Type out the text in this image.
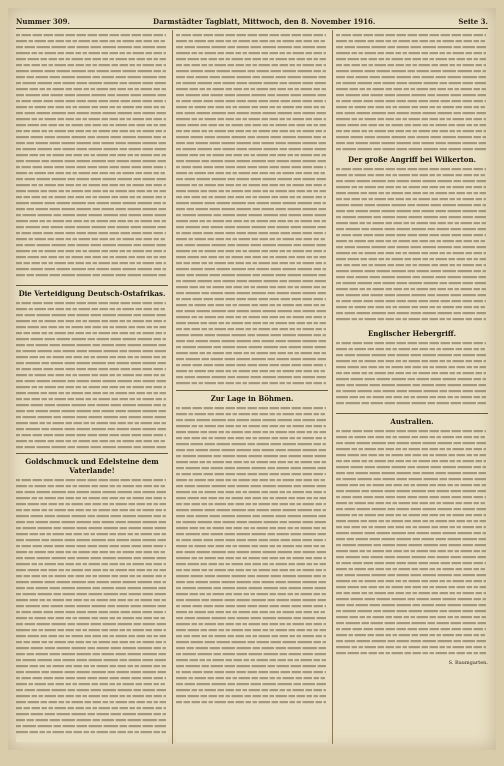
Nummer 309.	Darmstädter Tagblatt, Mittwoch, den 8. November 1916.	Seite 3.
Die Verteidigung Deutsch-Ostafrikas.
Goldschmuck und Edelsteine dem Vaterlande!
Zur Lage in Böhmen.
Der große Angriff bei Wilkerton.
Englischer Hebergriff.
Australien.
S. Baumgarten.
